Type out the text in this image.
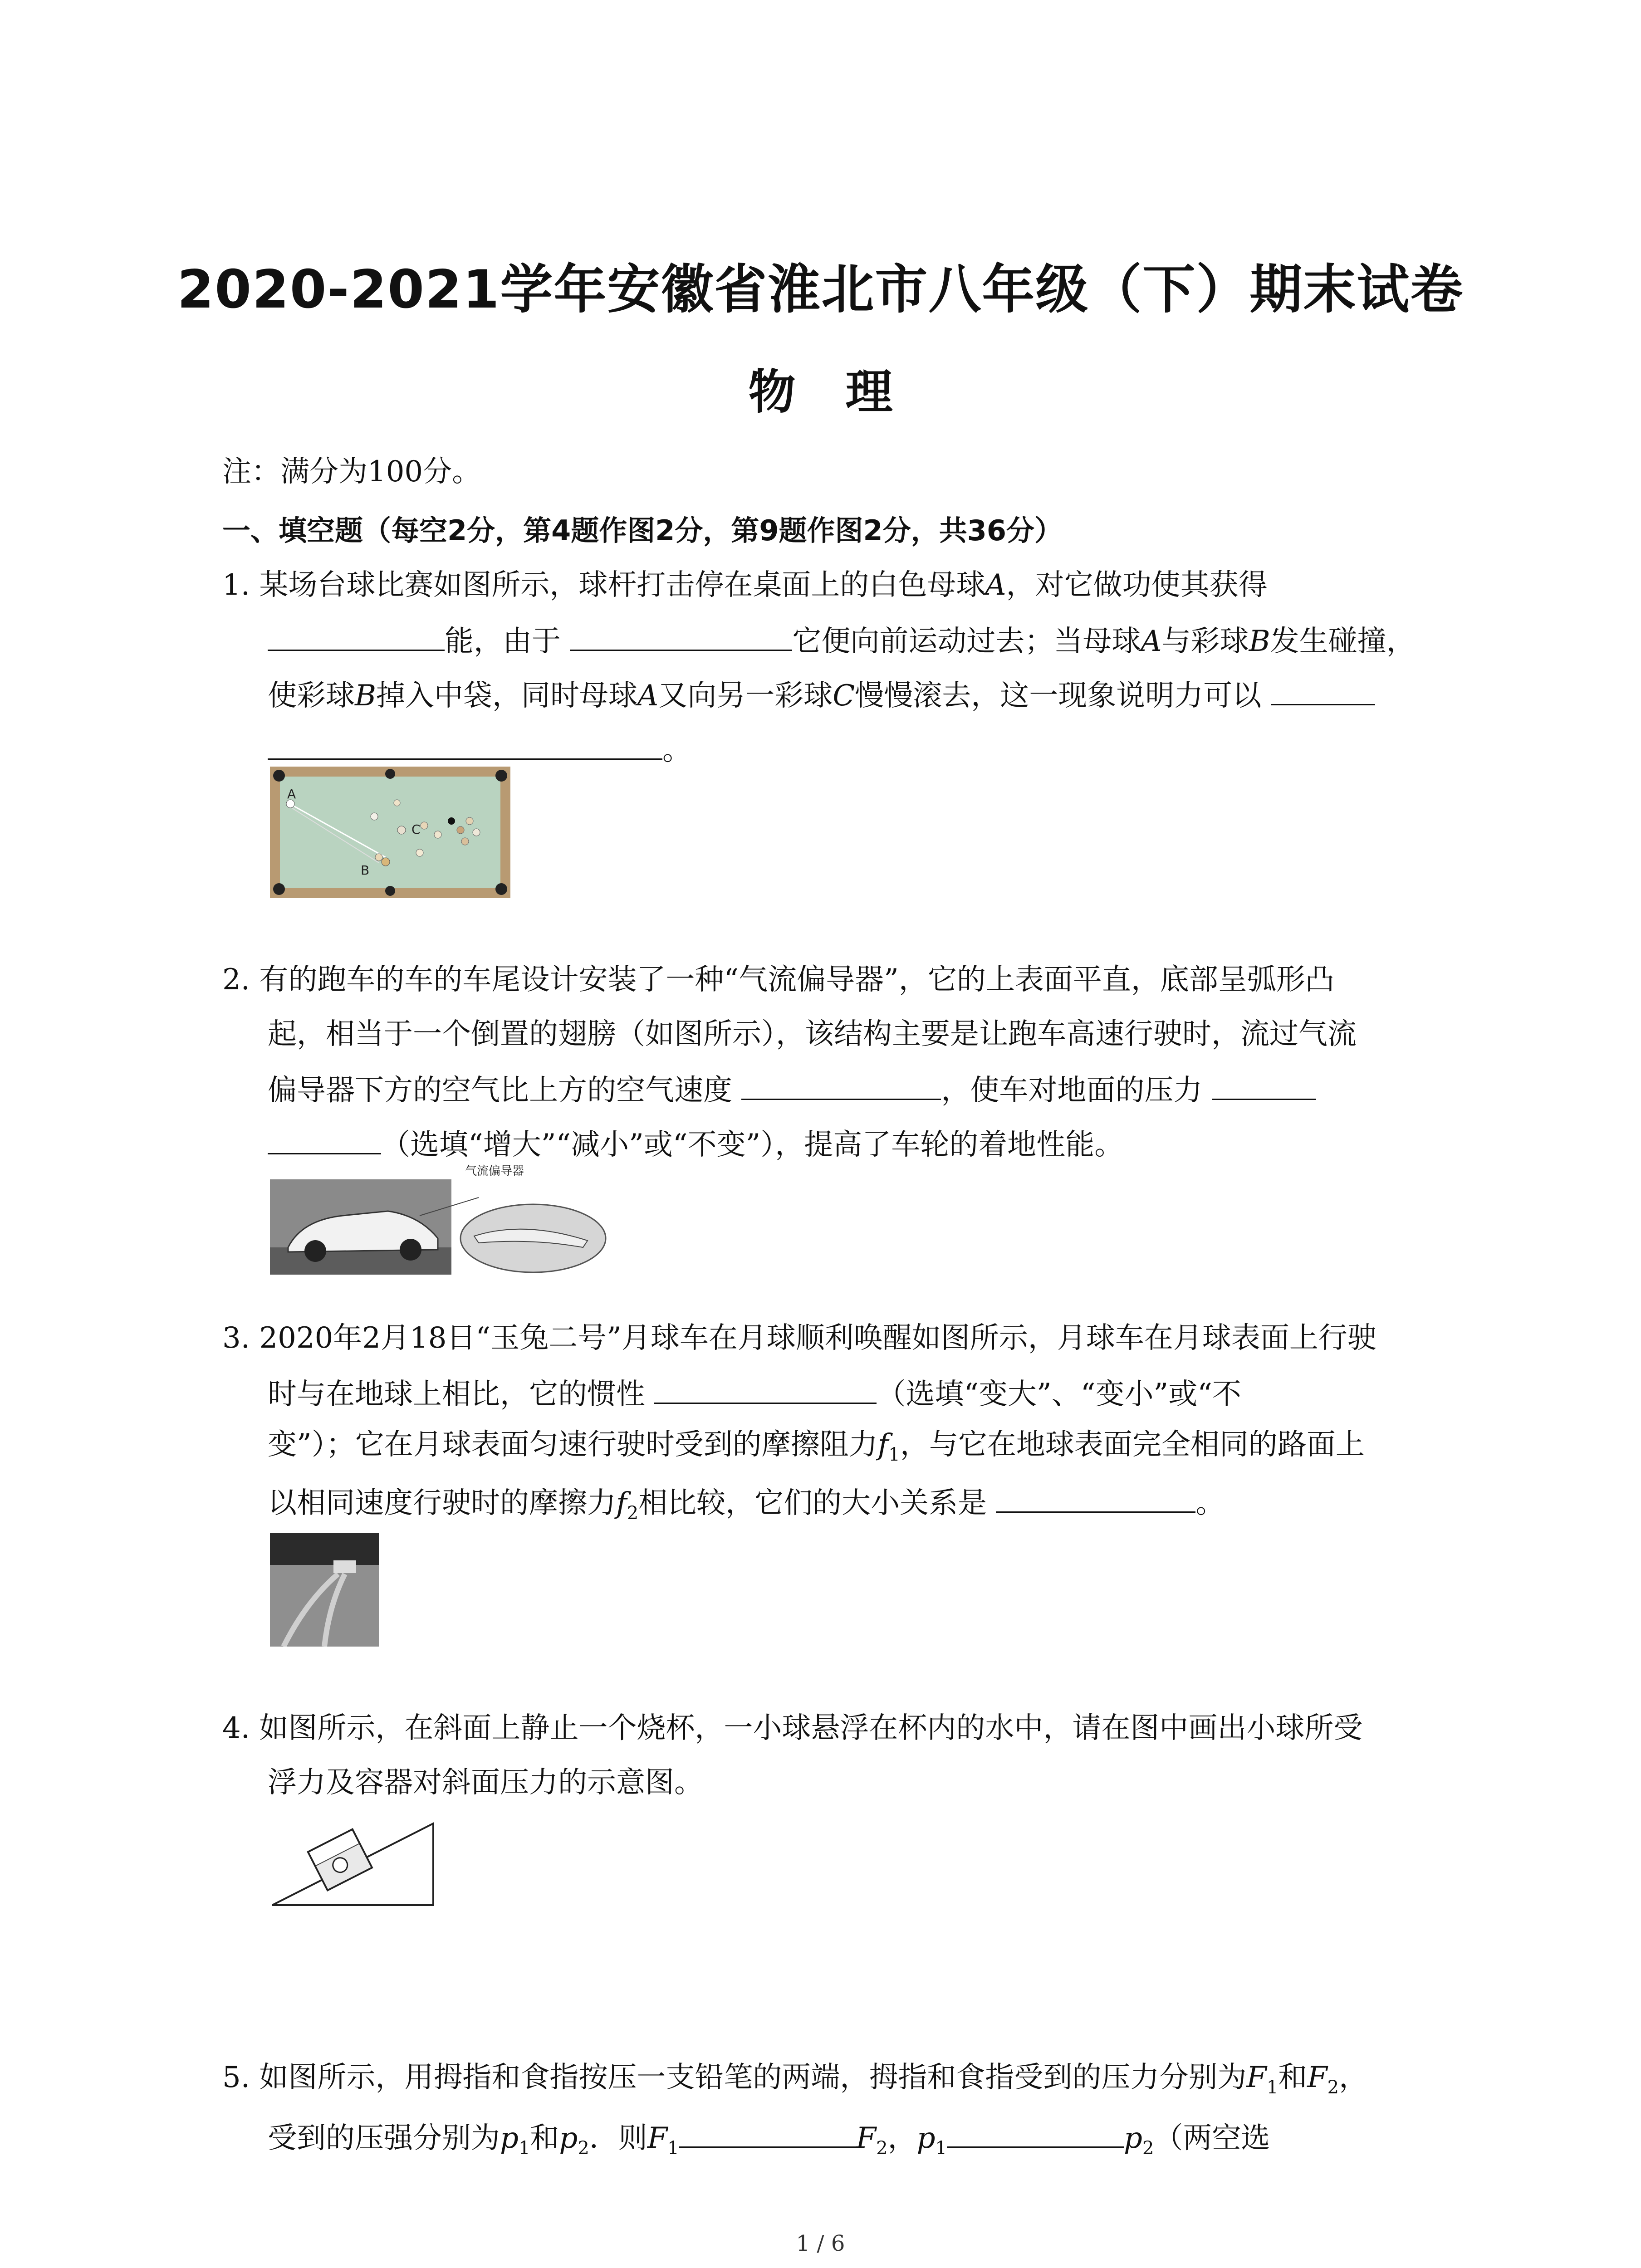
2020-2021学年安徽省淮北市八年级（下）期末试卷
物理
注：满分为100分。
一、填空题（每空2分，第4题作图2分，第9题作图2分，共36分）
1. 某场台球比赛如图所示，球杆打击停在桌面上的白色母球A，对它做功使其获得
能，由于	它便向前运动过去；当母球A与彩球B发生碰撞，
使彩球B掉入中袋，同时母球A又向另一彩球C慢慢滚去，这一现象说明力可以
。
A
C
B
2. 有的跑车的车的车尾设计安装了一种“气流偏导器”，它的上表面平直，底部呈弧形凸
起，相当于一个倒置的翅膀（如图所示），该结构主要是让跑车高速行驶时，流过气流
偏导器下方的空气比上方的空气速度	，使车对地面的压力
（选填“增大”“减小”或“不变”），提高了车轮的着地性能。
气流偏导器
3. 2020年2月18日“玉兔二号”月球车在月球顺利唤醒如图所示，月球车在月球表面上行驶
时与在地球上相比，它的惯性	（选填“变大”、“变小”或“不
变”）；它在月球表面匀速行驶时受到的摩擦阻力$f_1$，与它在地球表面完全相同的路面上
以相同速度行驶时的摩擦力$f_2$相比较，它们的大小关系是	。
4. 如图所示，在斜面上静止一个烧杯，一小球悬浮在杯内的水中，请在图中画出小球所受
浮力及容器对斜面压力的示意图。
5. 如图所示，用拇指和食指按压一支铅笔的两端，拇指和食指受到的压力分别为$F_1$和$F_2$，
受到的压强分别为$p_1$和$p_2$．则$F_1$	$F_2$，$p_1$	$p_2$（两空选
1 / 6
